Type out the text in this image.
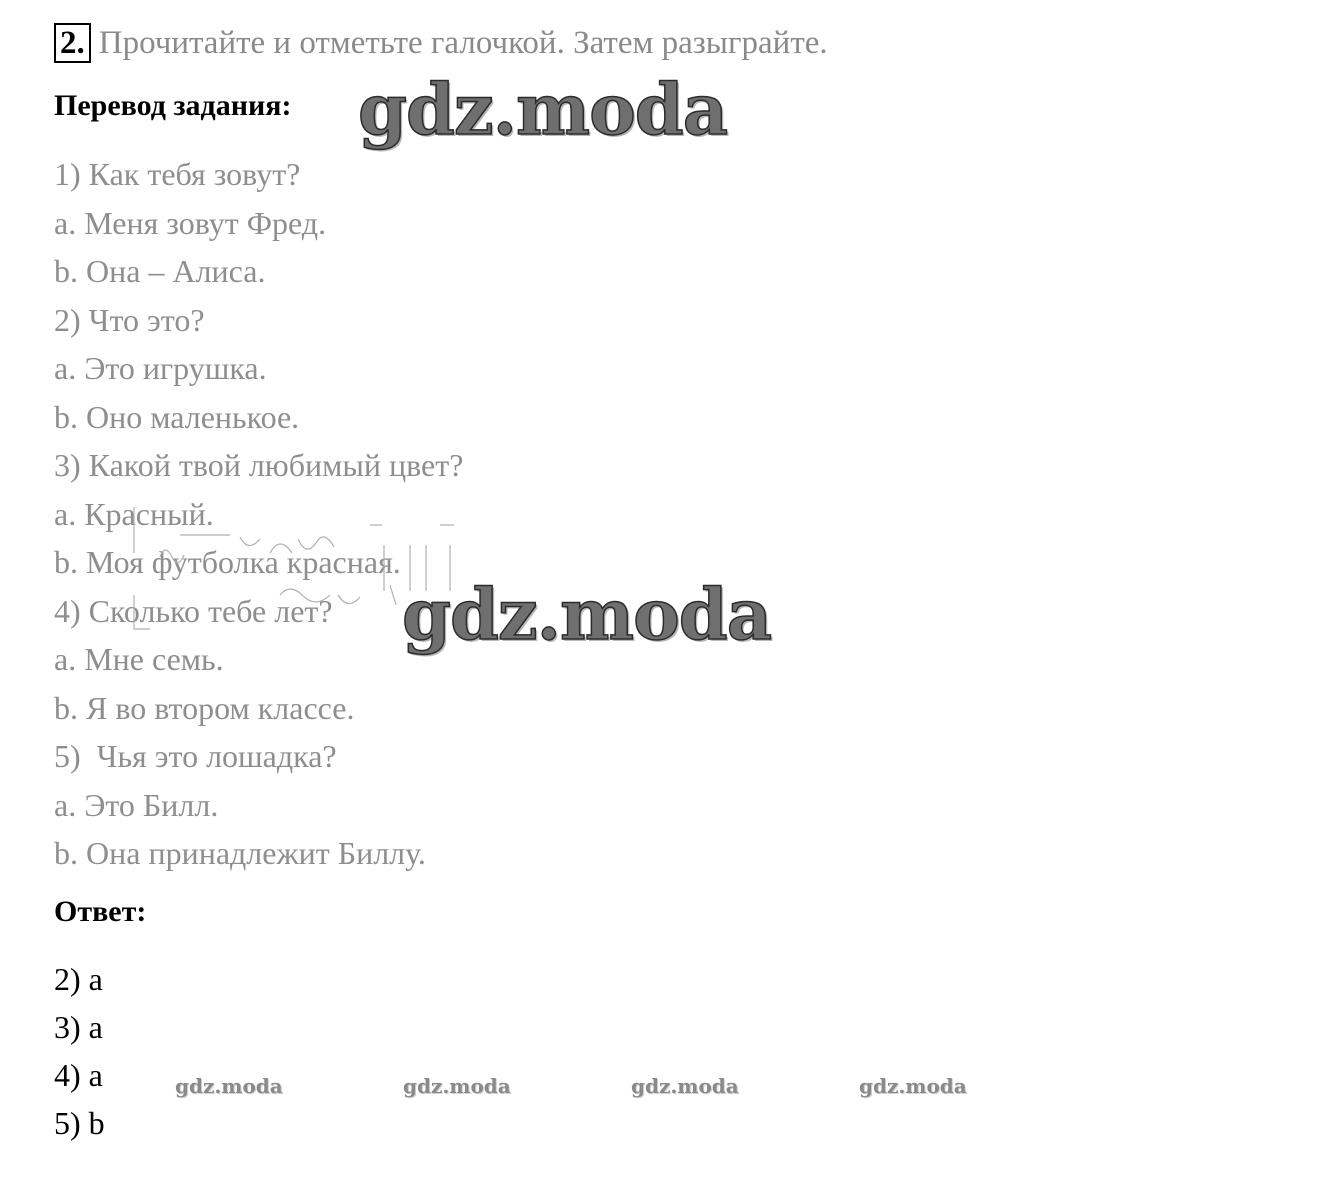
2. Прочитайте и отметьте галочкой. Затем разыграйте.
Перевод задания: gdz.moda
1) Как тебя зовут?
a. Меня зовут Фред.
b. Она – Алиса.
2) Что это?
a. Это игрушка.
b. Оно маленькое.
3) Какой твой любимый цвет?
a. Красный.
b. Моя футболка красная.
4) Сколько тебе лет?
a. Мне семь.
b. Я во втором классе.
5)  Чья это лошадка?
a. Это Билл.
b. Она принадлежит Биллу.
gdz.moda
Ответ:
2) a
3) a
4) a
5) b
gdz.moda	gdz.moda	gdz.moda	gdz.moda
